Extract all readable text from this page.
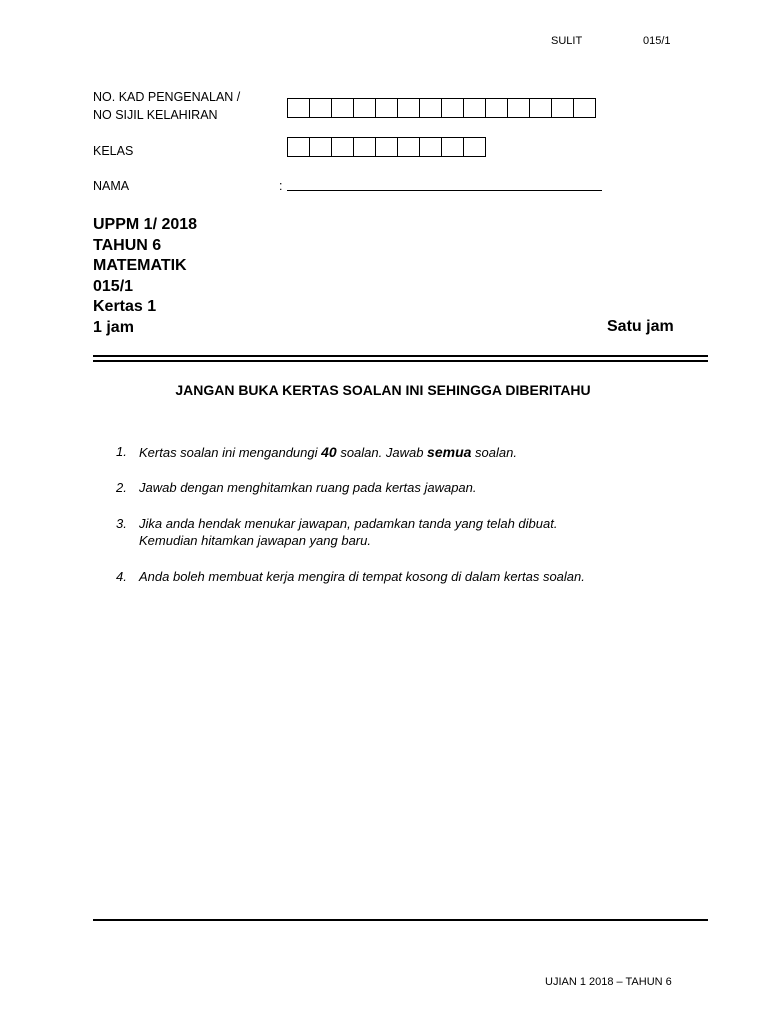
SULIT	015/1
NO. KAD PENGENALAN /
NO SIJIL KELAHIRAN
KELAS
NAMA	:
UPPM 1/ 2018
TAHUN 6
MATEMATIK
015/1
Kertas 1
1 jam	Satu jam
JANGAN BUKA KERTAS SOALAN INI SEHINGGA DIBERITAHU
1. Kertas soalan ini mengandungi 40 soalan. Jawab semua soalan.
2. Jawab dengan menghitamkan ruang pada kertas jawapan.
3. Jika anda hendak menukar jawapan, padamkan tanda yang telah dibuat.
Kemudian hitamkan jawapan yang baru.
4. Anda boleh membuat kerja mengira di tempat kosong di dalam kertas soalan.
UJIAN 1 2018 – TAHUN 6
